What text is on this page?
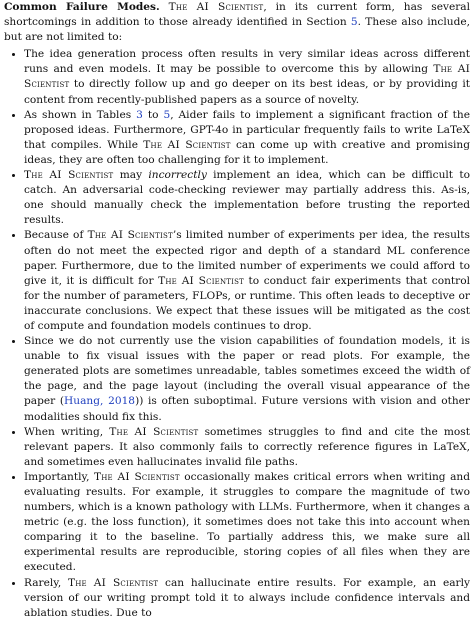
Common Failure Modes. The AI Scientist, in its current form, has several shortcomings in addition to those already identified in Section 5. These also include, but are not limited to:

• The idea generation process often results in very similar ideas across different runs and even models. It may be possible to overcome this by allowing The AI Scientist to directly follow up and go deeper on its best ideas, or by providing it content from recently-published papers as a source of novelty.
• As shown in Tables 3 to 5, Aider fails to implement a significant fraction of the proposed ideas. Furthermore, GPT-4o in particular frequently fails to write LaTeX that compiles. While The AI Scientist can come up with creative and promising ideas, they are often too challenging for it to implement.
• The AI Scientist may incorrectly implement an idea, which can be difficult to catch. An adversarial code-checking reviewer may partially address this. As-is, one should manually check the implementation before trusting the reported results.
• Because of The AI Scientist’s limited number of experiments per idea, the results often do not meet the expected rigor and depth of a standard ML conference paper. Furthermore, due to the limited number of experiments we could afford to give it, it is difficult for The AI Scientist to conduct fair experiments that control for the number of parameters, FLOPs, or runtime. This often leads to deceptive or inaccurate conclusions. We expect that these issues will be mitigated as the cost of compute and foundation models continues to drop.
• Since we do not currently use the vision capabilities of foundation models, it is unable to fix visual issues with the paper or read plots. For example, the generated plots are sometimes unreadable, tables sometimes exceed the width of the page, and the page layout (including the overall visual appearance of the paper (Huang, 2018)) is often suboptimal. Future versions with vision and other modalities should fix this.
• When writing, The AI Scientist sometimes struggles to find and cite the most relevant papers. It also commonly fails to correctly reference figures in LaTeX, and sometimes even hallucinates invalid file paths.
• Importantly, The AI Scientist occasionally makes critical errors when writing and evaluating results. For example, it struggles to compare the magnitude of two numbers, which is a known pathology with LLMs. Furthermore, when it changes a metric (e.g. the loss function), it sometimes does not take this into account when comparing it to the baseline. To partially address this, we make sure all experimental results are reproducible, storing copies of all files when they are executed.
• Rarely, The AI Scientist can hallucinate entire results. For example, an early version of our writing prompt told it to always include confidence intervals and ablation studies. Due to
